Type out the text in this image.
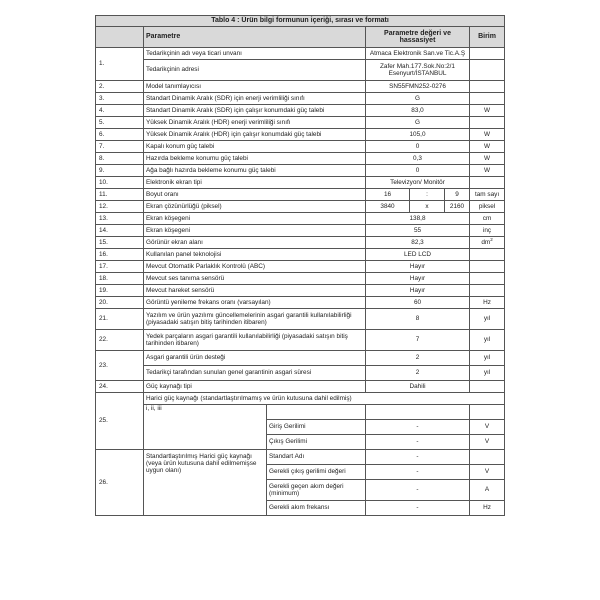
Tablo 4 : Ürün bilgi formunun içeriği, sırası ve formatı						
	Parametre		Parametre değeri ve hassasiyet			Birim
1.	Tedarikçinin adı veya ticari unvanı		Atmaca Elektronik San.ve Tic.A.Ş			
	Tedarikçinin adresi		Zafer Mah.177.Sok.No:2/1 Esenyurt/İSTANBUL			
2.	Model tanımlayıcısı		SN55FMN252-0276			
3.	Standart Dinamik Aralık (SDR) için enerji verimliliği sınıfı		G			
4.	Standart Dinamik Aralık (SDR) için çalışır konumdaki güç talebi		83,0			W
5.	Yüksek Dinamik Aralık (HDR) enerji verimliliği sınıfı		G			
6.	Yüksek Dinamik Aralık (HDR) için çalışır konumdaki güç talebi		105,0			W
7.	Kapalı konum güç talebi		0			W
8.	Hazırda bekleme konumu güç talebi		0,3			W
9.	Ağa bağlı hazırda bekleme konumu güç talebi		0			W
10.	Elektronik ekran tipi		Televizyon/ Monitör			
11.	Boyut oranı		16	:	9	tam sayı
12.	Ekran çözünürlüğü (piksel)		3840	x	2160	piksel
13.	Ekran köşegeni		138,8			cm
14.	Ekran köşegeni		55			inç
15.	Görünür ekran alanı		82,3			$dm^2$
16.	Kullanılan panel teknolojisi		LED LCD			
17.	Mevcut Otomatik Parlaklık Kontrolü (ABC)		Hayır			
18.	Mevcut ses tanıma sensörü		Hayır			
19.	Mevcut hareket sensörü		Hayır			
20.	Görüntü yenileme frekans oranı (varsayılan)		60			Hz
21.	Yazılım ve ürün yazılımı güncellemelerinin asgari garantili kullanılabilirliği (piyasadaki satışın bitiş tarihinden itibaren)		8			yıl
22.	Yedek parçaların asgari garantili kullanılabilirliği (piyasadaki satışın bitiş tarihinden itibaren)		7			yıl
23.	Asgari garantili ürün desteği		2			yıl
	Tedarikçi tarafından sunulan genel garantinin asgari süresi		2			yıl
24.	Güç kaynağı tipi		Dahili			
25.	Harici güç kaynağı (standartlaştırılmamış ve ürün kutusuna dahil edilmiş)					
	i, ii, iii					
		Giriş Gerilimi	-			V
		Çıkış Gerilimi	-			V
26.	Standartlaştırılmış Harici güç kaynağı (veya ürün kutusuna dahil edilmemişse uygun olanı)	Standart Adı	-			
		Gerekli çıkış gerilimi değeri	-			V
		Gerekli geçen akım değeri (minimum)	-			A
		Gerekli akım frekansı	-			Hz
